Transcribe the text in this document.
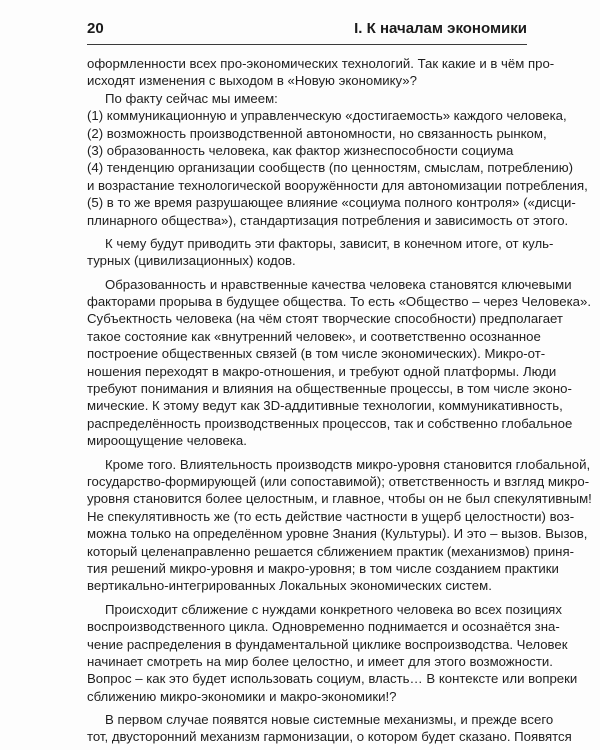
20	I. К началам экономики
оформленности всех про-экономических технологий. Так какие и в чём про-
исходят изменения с выходом в «Новую экономику»?
По факту сейчас мы имеем:
(1) коммуникационную и управленческую «достигаемость» каждого человека,
(2) возможность производственной автономности, но связанность рынком,
(3) образованность человека, как фактор жизнеспособности социума
(4) тенденцию организации сообществ (по ценностям, смыслам, потреблению)
и возрастание технологической вооружённости для автономизации потребления,
(5) в то же время разрушающее влияние «социума полного контроля» («дисци-
плинарного общества»), стандартизация потребления и зависимость от этого.
К чему будут приводить эти факторы, зависит, в конечном итоге, от куль-
турных (цивилизационных) кодов.
Образованность и нравственные качества человека становятся ключевыми
факторами прорыва в будущее общества. То есть «Общество – через Человека».
Субъектность человека (на чём стоят творческие способности) предполагает
такое состояние как «внутренний человек», и соответственно осознанное
построение общественных связей (в том числе экономических). Микро-от-
ношения переходят в макро-отношения, и требуют одной платформы. Люди
требуют понимания и влияния на общественные процессы, в том числе эконо-
мические. К этому ведут как 3D-аддитивные технологии, коммуникативность,
распределённость производственных процессов, так и собственно глобальное
мироощущение человека.
Кроме того. Влиятельность производств микро-уровня становится глобальной,
государство-формирующей (или сопоставимой); ответственность и взгляд микро-
уровня становится более целостным, и главное, чтобы он не был спекулятивным!
Не спекулятивность же (то есть действие частности в ущерб целостности) воз-
можна только на определённом уровне Знания (Культуры). И это – вызов. Вызов,
который целенаправленно решается сближением практик (механизмов) приня-
тия решений микро-уровня и макро-уровня; в том числе созданием практики
вертикально-интегрированных Локальных экономических систем.
Происходит сближение с нуждами конкретного человека во всех позициях
воспроизводственного цикла. Одновременно поднимается и осознаётся зна-
чение распределения в фундаментальной циклике воспроизводства. Человек
начинает смотреть на мир более целостно, и имеет для этого возможности.
Вопрос – как это будет использовать социум, власть… В контексте или вопреки
сближению микро-экономики и макро-экономики!?
В первом случае появятся новые системные механизмы, и прежде всего
тот, двусторонний механизм гармонизации, о котором будет сказано. Появятся
